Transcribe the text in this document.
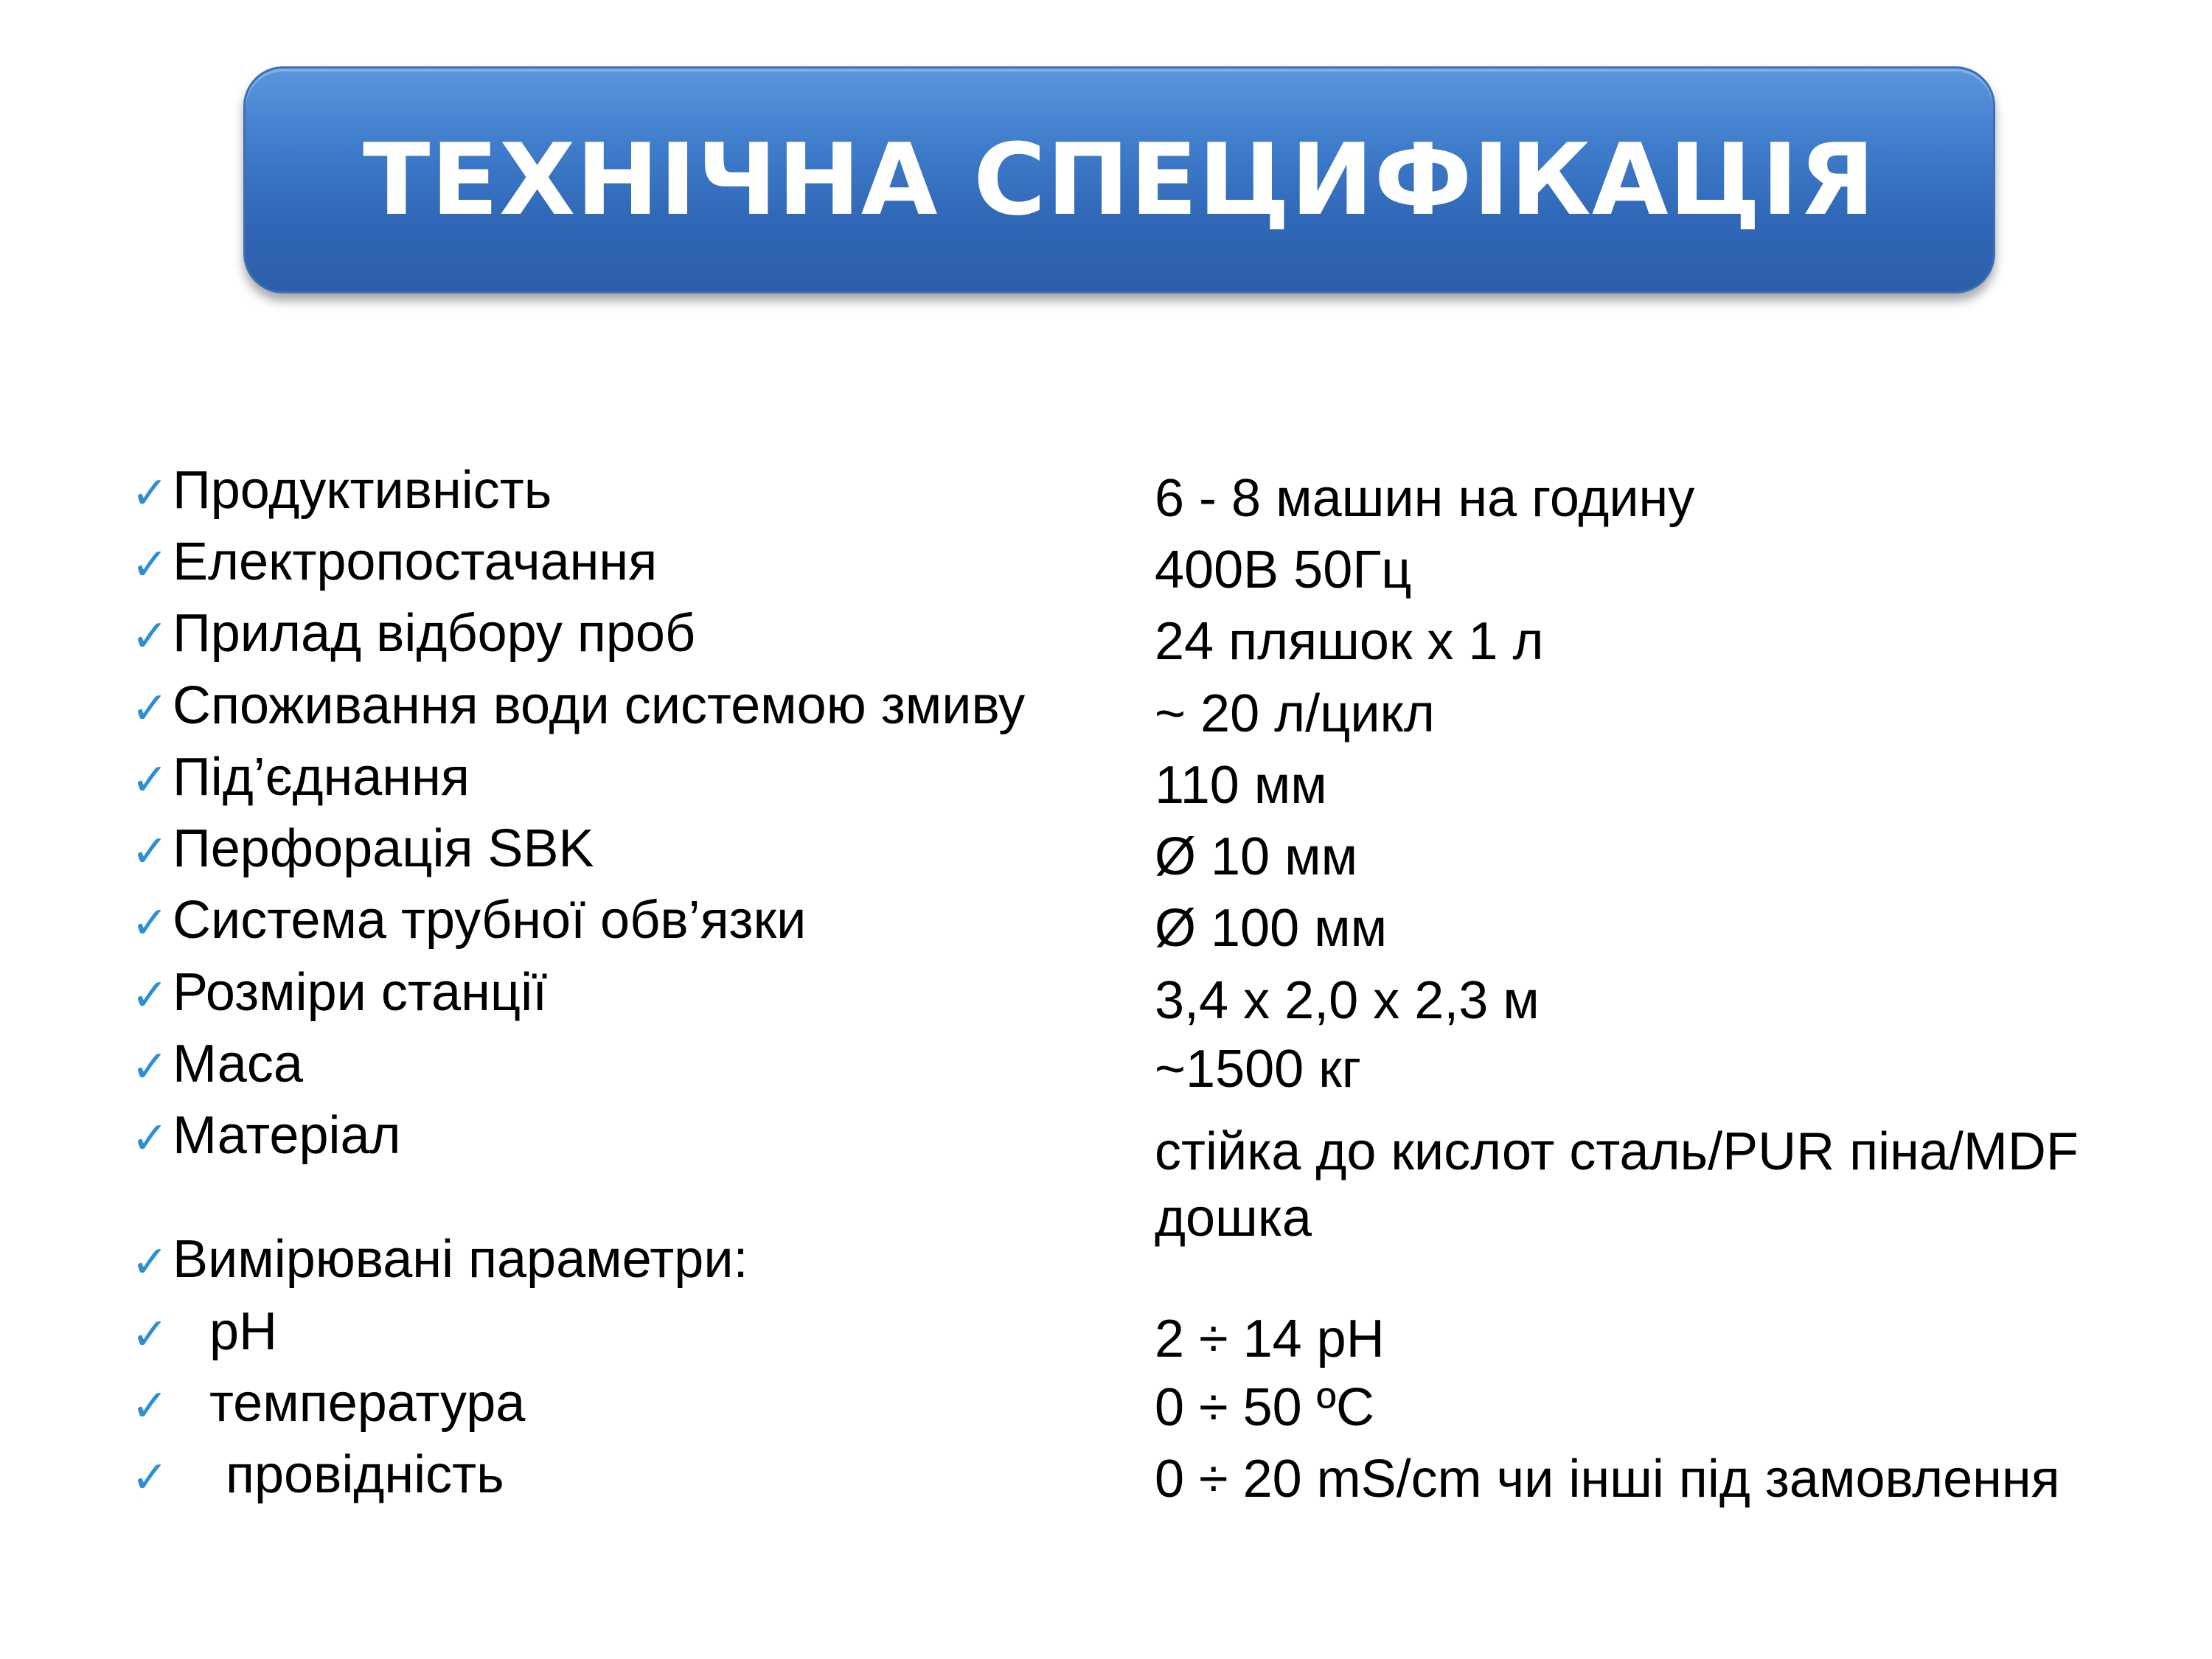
ТЕХНІЧНА СПЕЦИФІКАЦІЯ
✓Продуктивність	6 - 8 машин на годину
✓Електропостачання	400В 50Гц
✓Прилад відбору проб	24 пляшок х 1 л
✓Споживання води системою змиву ~ 20 л/цикл
✓Під’єднання	110 мм
✓Перфорація SBK	Ø 10 мм
✓Система трубної обв’язки	Ø 100 мм
✓Розміри станції	3,4 х 2,0 х 2,3 м
✓Маса	~1500 кг
✓Матеріал	стійка до кислот сталь/PUR піна/MDF
дошка
✓Вимірювані параметри:
✓ pH	2 ÷ 14 pH
✓ температура	0 ÷ 50 ºC
✓ провідність	0 ÷ 20 mS/cm чи інші під замовлення
